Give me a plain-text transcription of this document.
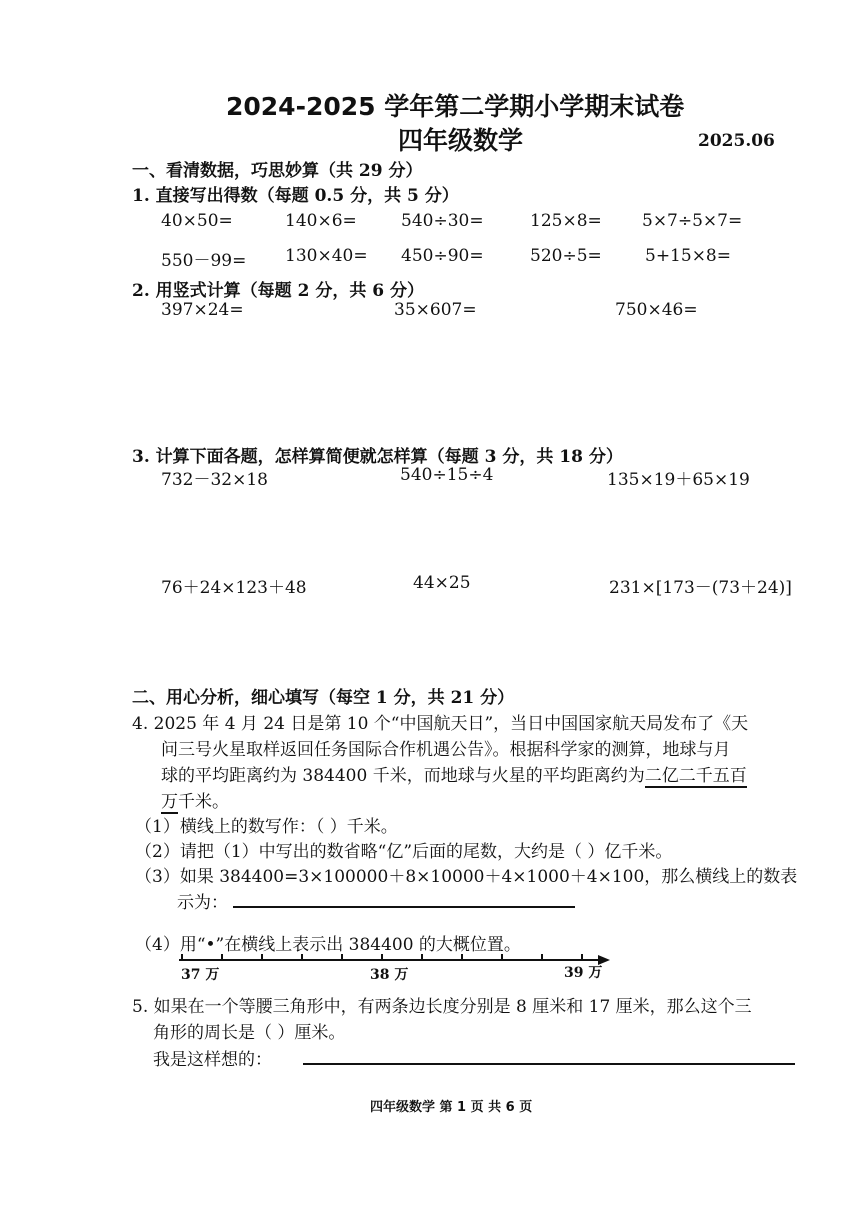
2024-2025 学年第二学期小学期末试卷
四年级数学	2025.06
一、看清数据，巧思妙算（共 29 分）
1. 直接写出得数（每题 0.5 分，共 5 分）
40×50=	140×6=	540÷30=	125×8= 5×7÷5×7=
550－99= 130×40= 450÷90=	520÷5=	5+15×8=
2. 用竖式计算（每题 2 分，共 6 分）
397×24=	35×607=	750×46=
3. 计算下面各题，怎样算简便就怎样算（每题 3 分，共 18 分）
732－32×18	540÷15÷4	135×19＋65×19
76＋24×123＋48	44×25	231×[173－(73＋24)]
二、用心分析，细心填写（每空 1 分，共 21 分）
4. 2025 年 4 月 24 日是第 10 个“中国航天日”，当日中国国家航天局发布了《天
问三号火星取样返回任务国际合作机遇公告》。根据科学家的测算，地球与月
球的平均距离约为 384400 千米，而地球与火星的平均距离约为二亿二千五百
万千米。
（1）横线上的数写作：（ ）千米。
（2）请把（1）中写出的数省略“亿”后面的尾数，大约是（ ）亿千米。
（3）如果 384400=3×100000＋8×10000＋4×1000＋4×100，那么横线上的数表
示为：
（4）用“•”在横线上表示出 384400 的大概位置。
37 万	38 万	39 万
5. 如果在一个等腰三角形中，有两条边长度分别是 8 厘米和 17 厘米，那么这个三
角形的周长是（ ）厘米。
我是这样想的：
四年级数学 第 1 页 共 6 页
